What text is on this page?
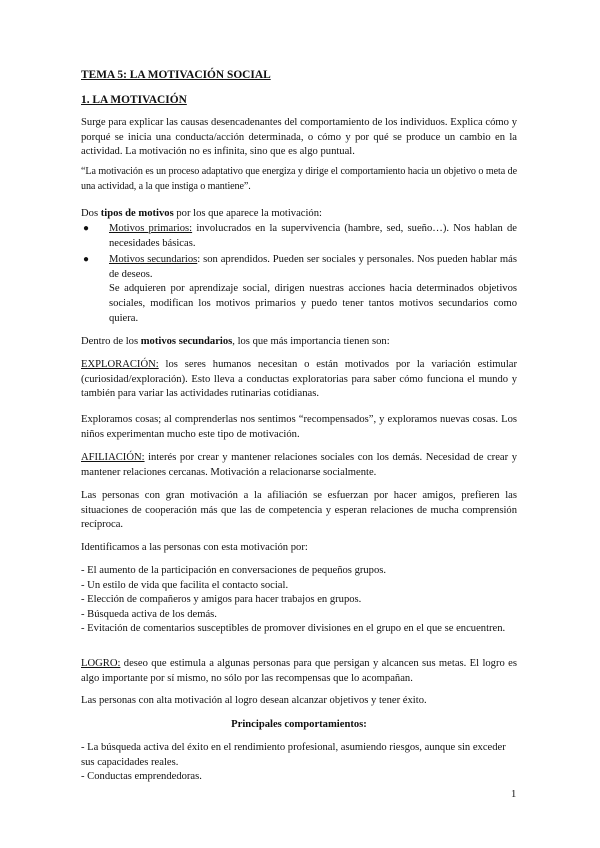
TEMA 5: LA MOTIVACIÓN SOCIAL

1. LA MOTIVACIÓN

Surge para explicar las causas desencadenantes del comportamiento de los individuos. Explica cómo y porqué se inicia una conducta/acción determinada, o cómo y por qué se produce un cambio en la actividad. La motivación no es infinita, sino que es algo puntual.

“La motivación es un proceso adaptativo que energiza y dirige el comportamiento hacia un objetivo o meta de una actividad, a la que instiga o mantiene”.

Dos tipos de motivos por los que aparece la motivación:

● Motivos primarios: involucrados en la supervivencia (hambre, sed, sueño…). Nos hablan de necesidades básicas.
● Motivos secundarios: son aprendidos. Pueden ser sociales y personales. Nos pueden hablar más de deseos.
Se adquieren por aprendizaje social, dirigen nuestras acciones hacia determinados objetivos sociales, modifican los motivos primarios y puedo tener tantos motivos secundarios como quiera.

Dentro de los motivos secundarios, los que más importancia tienen son:

EXPLORACIÓN: los seres humanos necesitan o están motivados por la variación estimular (curiosidad/exploración). Esto lleva a conductas exploratorias para saber cómo funciona el mundo y también para variar las actividades rutinarias cotidianas.

Exploramos cosas; al comprenderlas nos sentimos “recompensados”, y exploramos nuevas cosas. Los niños experimentan mucho este tipo de motivación.

AFILIACIÓN: interés por crear y mantener relaciones sociales con los demás. Necesidad de crear y mantener relaciones cercanas. Motivación a relacionarse socialmente.

Las personas con gran motivación a la afiliación se esfuerzan por hacer amigos, prefieren las situaciones de cooperación más que las de competencia y esperan relaciones de mucha comprensión recíproca.

Identificamos a las personas con esta motivación por:

- El aumento de la participación en conversaciones de pequeños grupos.
- Un estilo de vida que facilita el contacto social.
- Elección de compañeros y amigos para hacer trabajos en grupos.
- Búsqueda activa de los demás.
- Evitación de comentarios susceptibles de promover divisiones en el grupo en el que se encuentren.

LOGRO: deseo que estimula a algunas personas para que persigan y alcancen sus metas. El logro es algo importante por sí mismo, no sólo por las recompensas que lo acompañan.

Las personas con alta motivación al logro desean alcanzar objetivos y tener éxito.

Principales comportamientos:

- La búsqueda activa del éxito en el rendimiento profesional, asumiendo riesgos, aunque sin exceder sus capacidades reales.
- Conductas emprendedoras.
1
